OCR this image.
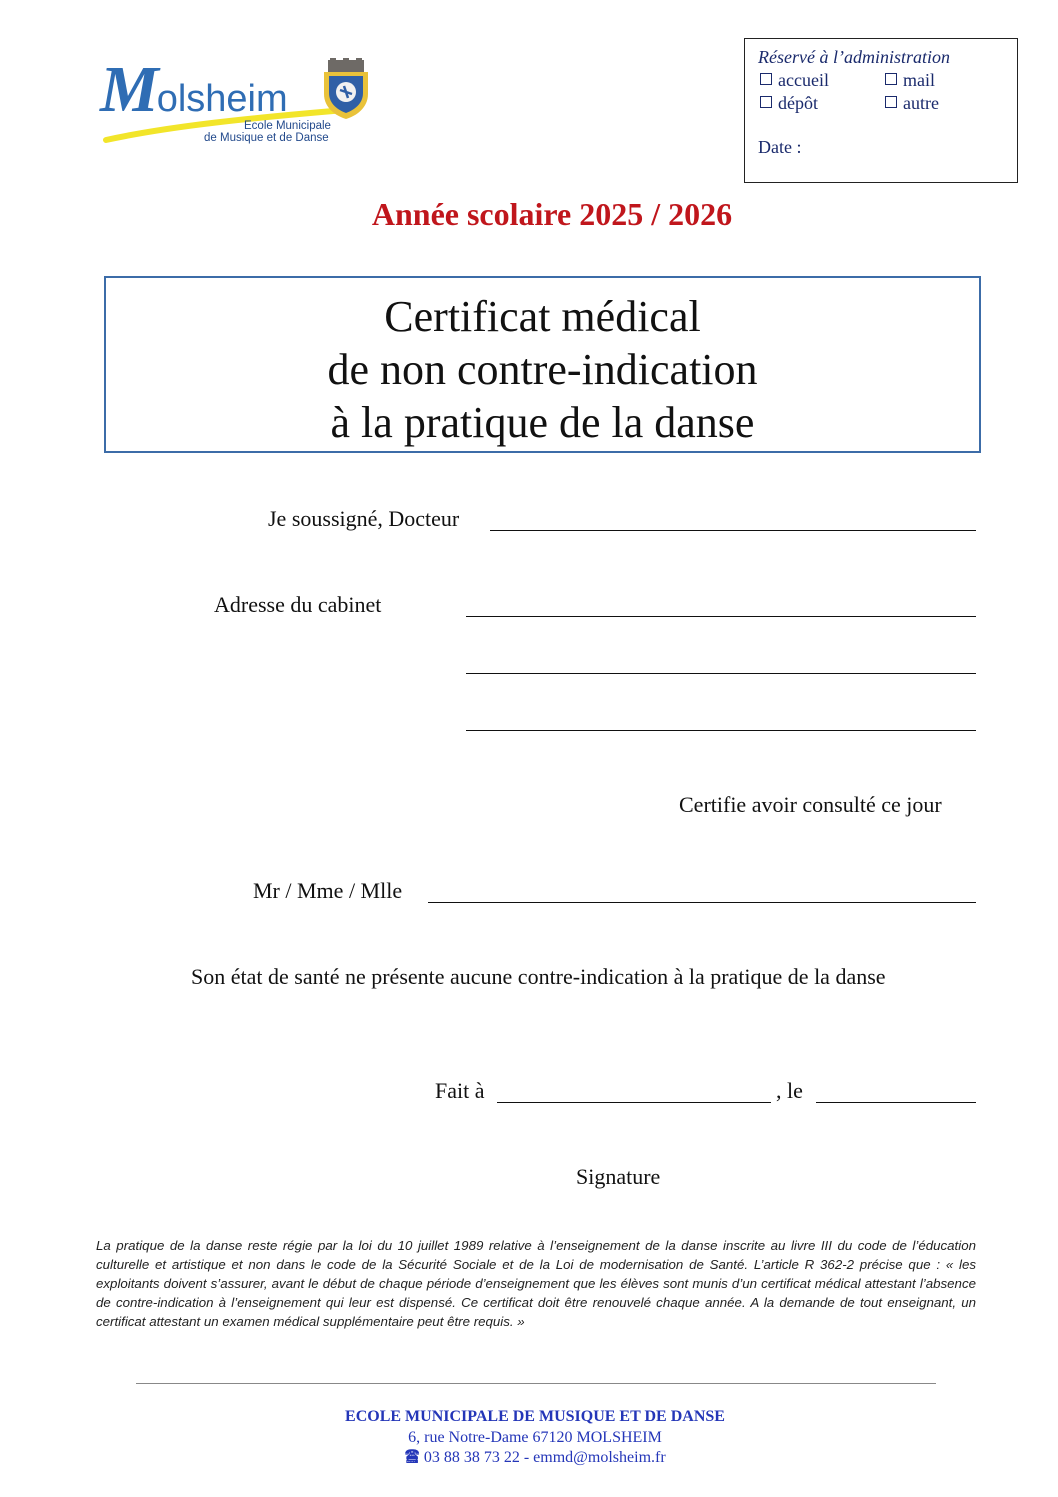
Molsheim
Ecole Municipale
de Musique et de Danse
Réservé à l’administration
accueil	mail
dépôt	autre
Date :
Année scolaire 2025 / 2026
Certificat médical
de non contre-indication
à la pratique de la danse
Je soussigné, Docteur
Adresse du cabinet
Certifie avoir consulté ce jour
Mr / Mme / Mlle
Son état de santé ne présente aucune contre-indication à la pratique de la danse
Fait à	, le
Signature
La pratique de la danse reste régie par la loi du 10 juillet 1989 relative à l’enseignement de la danse inscrite au livre III du code de l’éducation culturelle et artistique et non dans le code de la Sécurité Sociale et de la Loi de modernisation de Santé. L’article R 362-2 précise que : « les exploitants doivent s’assurer, avant le début de chaque période d’enseignement que les élèves sont munis d’un certificat médical attestant l’absence de contre-indication à l’enseignement qui leur est dispensé. Ce certificat doit être renouvelé chaque année. A la demande de tout enseignant, un certificat attestant un examen médical supplémentaire peut être requis. »
ECOLE MUNICIPALE DE MUSIQUE ET DE DANSE
6, rue Notre-Dame 67120 MOLSHEIM
🖀 03 88 38 73 22 - emmd@molsheim.fr
